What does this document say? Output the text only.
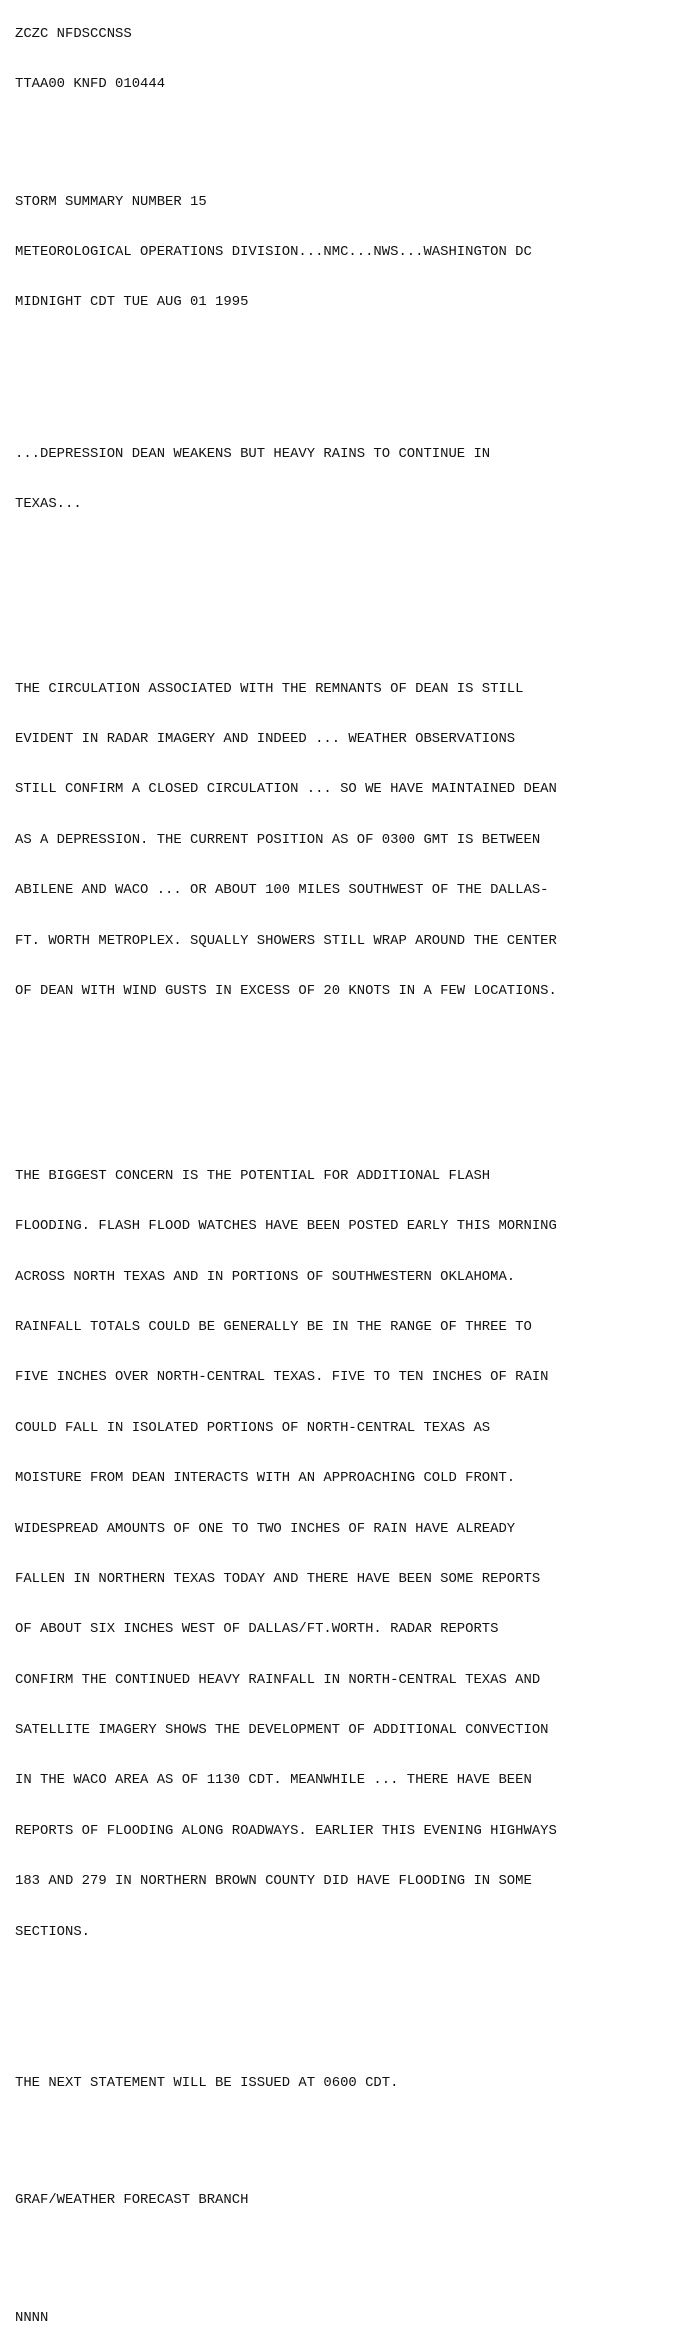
ZCZC NFDSCCNSS

TTAA00 KNFD 010444

STORM SUMMARY NUMBER 15

METEOROLOGICAL OPERATIONS DIVISION...NMC...NWS...WASHINGTON DC

MIDNIGHT CDT TUE AUG 01 1995

...DEPRESSION DEAN WEAKENS BUT HEAVY RAINS TO CONTINUE IN

TEXAS...

THE CIRCULATION ASSOCIATED WITH THE REMNANTS OF DEAN IS STILL

EVIDENT IN RADAR IMAGERY AND INDEED ... WEATHER OBSERVATIONS

STILL CONFIRM A CLOSED CIRCULATION ... SO WE HAVE MAINTAINED DEAN

AS A DEPRESSION. THE CURRENT POSITION AS OF 0300 GMT IS BETWEEN

ABILENE AND WACO ... OR ABOUT 100 MILES SOUTHWEST OF THE DALLAS-

FT. WORTH METROPLEX. SQUALLY SHOWERS STILL WRAP AROUND THE CENTER

OF DEAN WITH WIND GUSTS IN EXCESS OF 20 KNOTS IN A FEW LOCATIONS.

THE BIGGEST CONCERN IS THE POTENTIAL FOR ADDITIONAL FLASH

FLOODING. FLASH FLOOD WATCHES HAVE BEEN POSTED EARLY THIS MORNING

ACROSS NORTH TEXAS AND IN PORTIONS OF SOUTHWESTERN OKLAHOMA.

RAINFALL TOTALS COULD BE GENERALLY BE IN THE RANGE OF THREE TO

FIVE INCHES OVER NORTH-CENTRAL TEXAS. FIVE TO TEN INCHES OF RAIN

COULD FALL IN ISOLATED PORTIONS OF NORTH-CENTRAL TEXAS AS

MOISTURE FROM DEAN INTERACTS WITH AN APPROACHING COLD FRONT.

WIDESPREAD AMOUNTS OF ONE TO TWO INCHES OF RAIN HAVE ALREADY

FALLEN IN NORTHERN TEXAS TODAY AND THERE HAVE BEEN SOME REPORTS

OF ABOUT SIX INCHES WEST OF DALLAS/FT.WORTH. RADAR REPORTS

CONFIRM THE CONTINUED HEAVY RAINFALL IN NORTH-CENTRAL TEXAS AND

SATELLITE IMAGERY SHOWS THE DEVELOPMENT OF ADDITIONAL CONVECTION

IN THE WACO AREA AS OF 1130 CDT. MEANWHILE ... THERE HAVE BEEN

REPORTS OF FLOODING ALONG ROADWAYS. EARLIER THIS EVENING HIGHWAYS

183 AND 279 IN NORTHERN BROWN COUNTY DID HAVE FLOODING IN SOME

SECTIONS.

THE NEXT STATEMENT WILL BE ISSUED AT 0600 CDT.

GRAF/WEATHER FORECAST BRANCH

NNNN
